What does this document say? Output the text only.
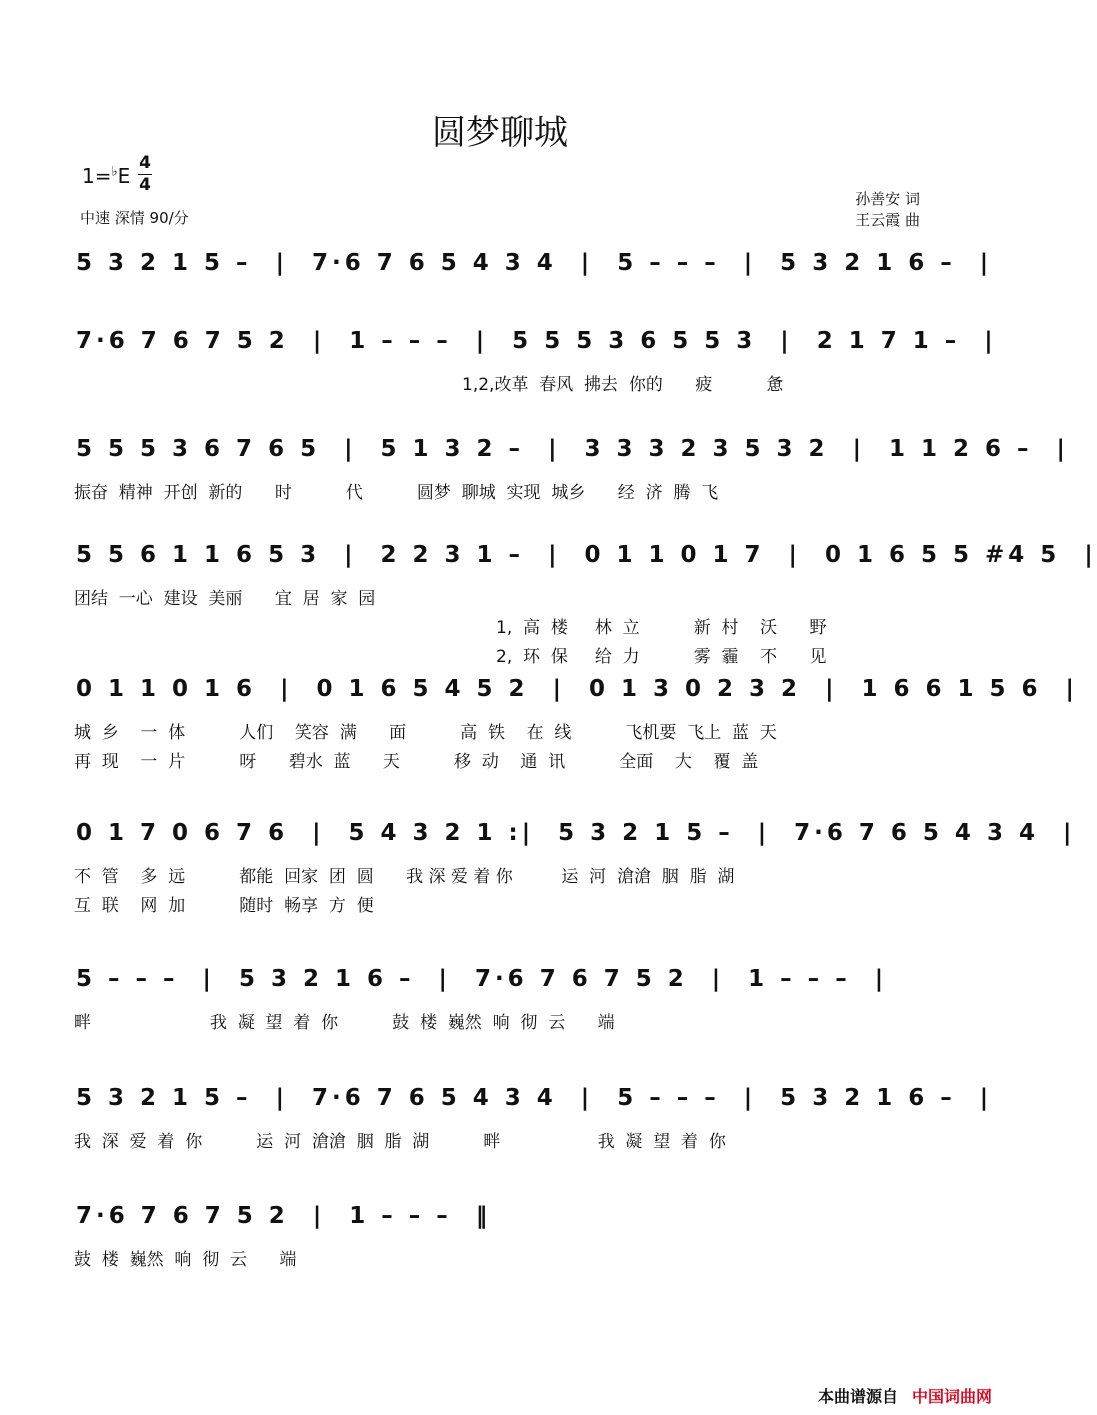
圆梦聊城
1=♭E
4
4
中速 深情 90/分
孙善安 词
王云霞 曲
5 3 2 1 5 –  |  7·6 7 6 5 4 3 4  |  5 – – –  |  5 3 2 1 6 –  |
7·6 7 6 7 5 2  |  1 – – –  |  5 5 5 3 6 5 5 3  |  2 1 7 1 –  |
1,2,改革  春风  拂去  你的      疲          惫
5 5 5 3 6 7 6 5  |  5 1 3 2 –  |  3 3 3 2 3 5 3 2  |  1 1 2 6 –  |
振奋  精神  开创  新的      时          代          圆梦  聊城  实现  城乡      经  济  腾  飞
5 5 6 1 1 6 5 3  |  2 2 3 1 –  |  0 1 1 0 1 7  |  0 1 6 5 5 #4 5  |
团结  一心  建设  美丽      宜  居  家  园
1,  高  楼     林  立          新  村    沃      野
2,  环  保     给  力          雾  霾    不      见
0 1 1 0 1 6  |  0 1 6 5 4 5 2  |  0 1 3 0 2 3 2  |  1 6 6 1 5 6  |
城  乡    一  体          人们    笑容  满      面          高  铁    在  线          飞机要  飞上  蓝  天
再  现    一  片          呀      碧水  蓝      天          移  动    通  讯          全面    大    覆  盖
0 1 7 0 6 7 6  |  5 4 3 2 1 :|  5 3 2 1 5 –  |  7·6 7 6 5 4 3 4  |
不  管    多  远          都能  回家  团  圆      我 深 爱 着 你         运  河  滄滄  胭  脂  湖
互  联    网  加          随时  畅享  方  便
5 – – –  |  5 3 2 1 6 –  |  7·6 7 6 7 5 2  |  1 – – –  |
畔                      我  凝  望  着  你          鼓  楼  巍然  响  彻  云      端
5 3 2 1 5 –  |  7·6 7 6 5 4 3 4  |  5 – – –  |  5 3 2 1 6 –  |
我  深  爱  着  你          运  河  滄滄  胭  脂  湖          畔                  我  凝  望  着  你
7·6 7 6 7 5 2  |  1 – – –  ‖
鼓  楼  巍然  响  彻  云      端
本曲谱源自 中国词曲网
